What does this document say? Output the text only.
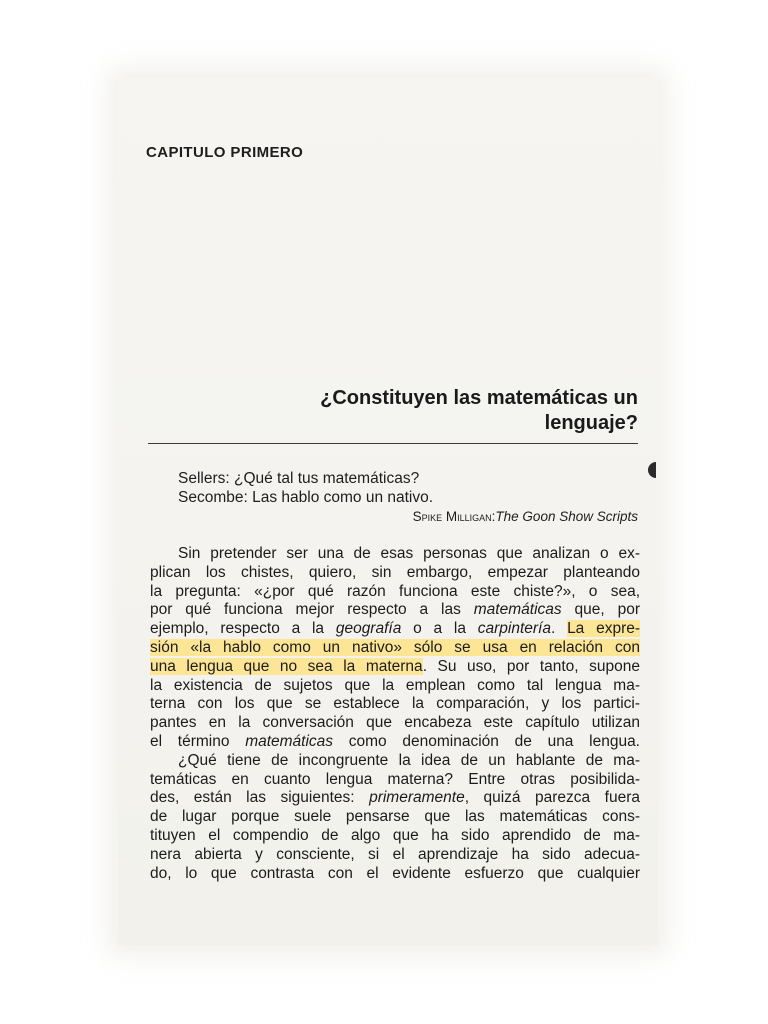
CAPITULO PRIMERO
¿Constituyen las matemáticas un
lenguaje?

Sellers: ¿Qué tal tus matemáticas?

Secombe: Las hablo como un nativo.

Spike Milligan:The Goon Show Scripts

Sin pretender ser una de esas personas que analizan o ex-
plican los chistes, quiero, sin embargo, empezar planteando
la pregunta: «¿por qué razón funciona este chiste?», o sea,
por qué funciona mejor respecto a las matemáticas que, por
ejemplo, respecto a la geografía o a la carpintería. La expre-
sión «la hablo como un nativo» sólo se usa en relación con
una lengua que no sea la materna. Su uso, por tanto, supone
la existencia de sujetos que la emplean como tal lengua ma-
terna con los que se establece la comparación, y los partici-
pantes en la conversación que encabeza este capítulo utilizan
el término matemáticas como denominación de una lengua.
¿Qué tiene de incongruente la idea de un hablante de ma-
temáticas en cuanto lengua materna? Entre otras posibilida-
des, están las siguientes: primeramente, quizá parezca fuera
de lugar porque suele pensarse que las matemáticas cons-
tituyen el compendio de algo que ha sido aprendido de ma-
nera abierta y consciente, si el aprendizaje ha sido adecua-
do, lo que contrasta con el evidente esfuerzo que cualquier
